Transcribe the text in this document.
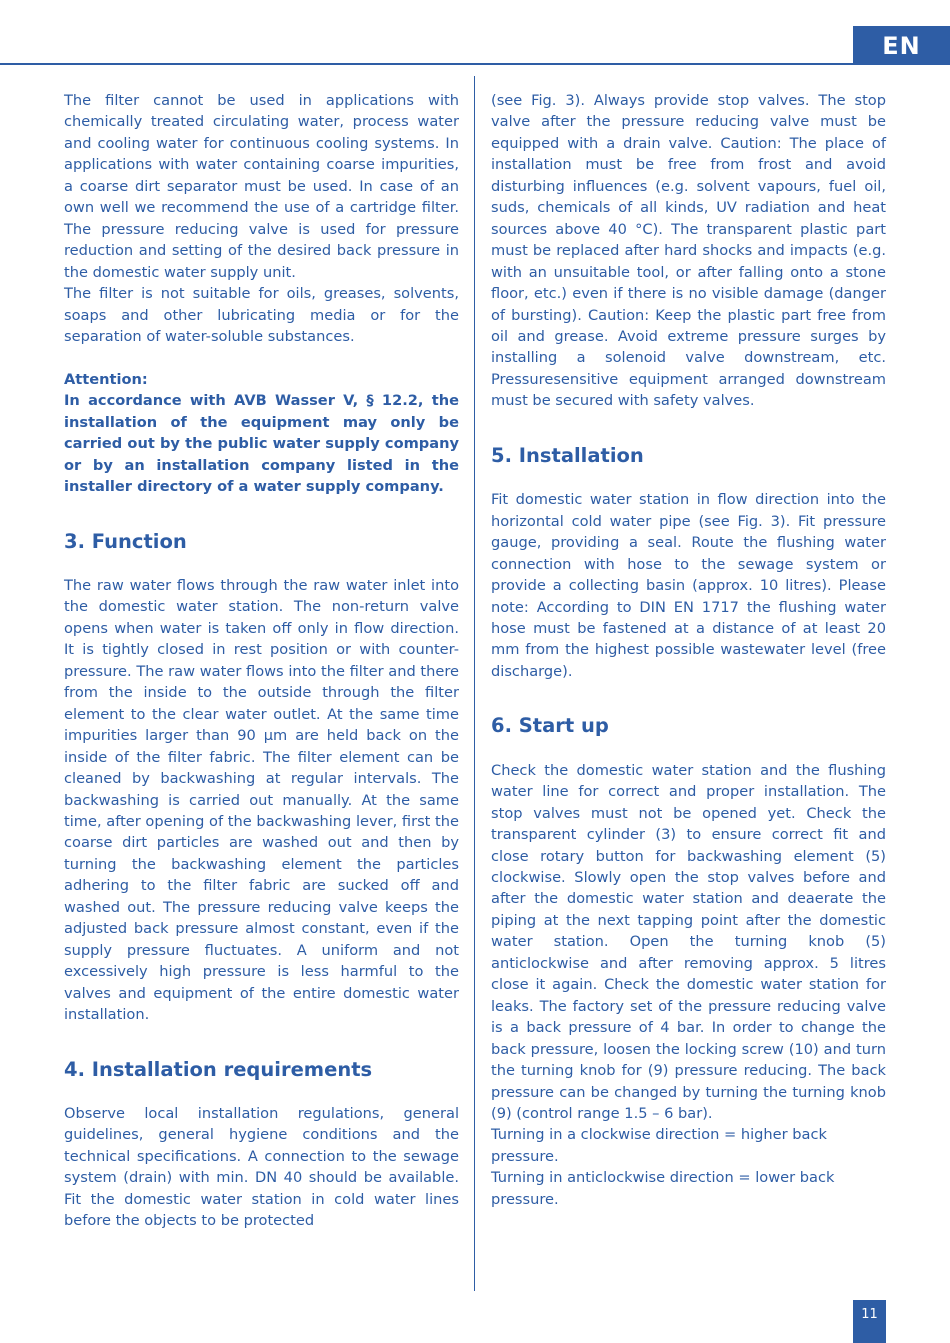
EN

The filter cannot be used in applications with chemically treated circulating water, process water and cooling water for continuous cooling systems. In applications with water containing coarse impurities, a coarse dirt separator must be used. In case of an own well we recommend the use of a cartridge filter. The pressure reducing valve is used for pressure reduction and setting of the desired back pressure in the domestic water supply unit.

The filter is not suitable for oils, greases, solvents, soaps and other lubricating media or for the separation of water-soluble substances.

Attention:

In accordance with AVB Wasser V, § 12.2, the installation of the equipment may only be carried out by the public water supply company or by an installation company listed in the installer directory of a water supply company.

3. Function

The raw water flows through the raw water inlet into the domestic water station. The non-return valve opens when water is taken off only in flow direction. It is tightly closed in rest position or with counter-pressure. The raw water flows into the filter and there from the inside to the outside through the filter element to the clear water outlet. At the same time impurities larger than 90 µm are held back on the inside of the filter fabric. The filter element can be cleaned by backwashing at regular intervals. The backwashing is carried out manually. At the same time, after opening of the backwashing lever, first the coarse dirt particles are washed out and then by turning the backwashing element the particles adhering to the filter fabric are sucked off and washed out. The pressure reducing valve keeps the adjusted back pressure almost constant, even if the supply pressure fluctuates. A uniform and not excessively high pressure is less harmful to the valves and equipment of the entire domestic water installation.

4. Installation requirements

Observe local installation regulations, general guidelines, general hygiene conditions and the technical specifications. A connection to the sewage system (drain) with min. DN 40 should be available. Fit the domestic water station in cold water lines before the objects to be protected

(see Fig. 3). Always provide stop valves. The stop valve after the pressure reducing valve must be equipped with a drain valve. Caution: The place of installation must be free from frost and avoid disturbing influences (e.g. solvent vapours, fuel oil, suds, chemicals of all kinds, UV radiation and heat sources above 40 °C). The transparent plastic part must be replaced after hard shocks and impacts (e.g. with an unsuitable tool, or after falling onto a stone floor, etc.) even if there is no visible damage (danger of bursting). Caution: Keep the plastic part free from oil and grease. Avoid extreme pressure surges by installing a solenoid valve downstream, etc. Pressuresensitive equipment arranged downstream must be secured with safety valves.

5. Installation

Fit domestic water station in flow direction into the horizontal cold water pipe (see Fig. 3). Fit pressure gauge, providing a seal. Route the flushing water connection with hose to the sewage system or provide a collecting basin (approx. 10 litres). Please note: According to DIN EN 1717 the flushing water hose must be fastened at a distance of at least 20 mm from the highest possible wastewater level (free discharge).

6. Start up

Check the domestic water station and the flushing water line for correct and proper installation. The stop valves must not be opened yet. Check the transparent cylinder (3) to ensure correct fit and close rotary button for backwashing element (5) clockwise. Slowly open the stop valves before and after the domestic water station and deaerate the piping at the next tapping point after the domestic water station. Open the turning knob (5) anticlockwise and after removing approx. 5 litres close it again. Check the domestic water station for leaks. The factory set of the pressure reducing valve is a back pressure of 4 bar. In order to change the back pressure, loosen the locking screw (10) and turn the turning knob for (9) pressure reducing. The back pressure can be changed by turning the turning knob (9) (control range 1.5 – 6 bar).

Turning in a clockwise direction = higher back pressure.

Turning in anticlockwise direction = lower back pressure.

11
